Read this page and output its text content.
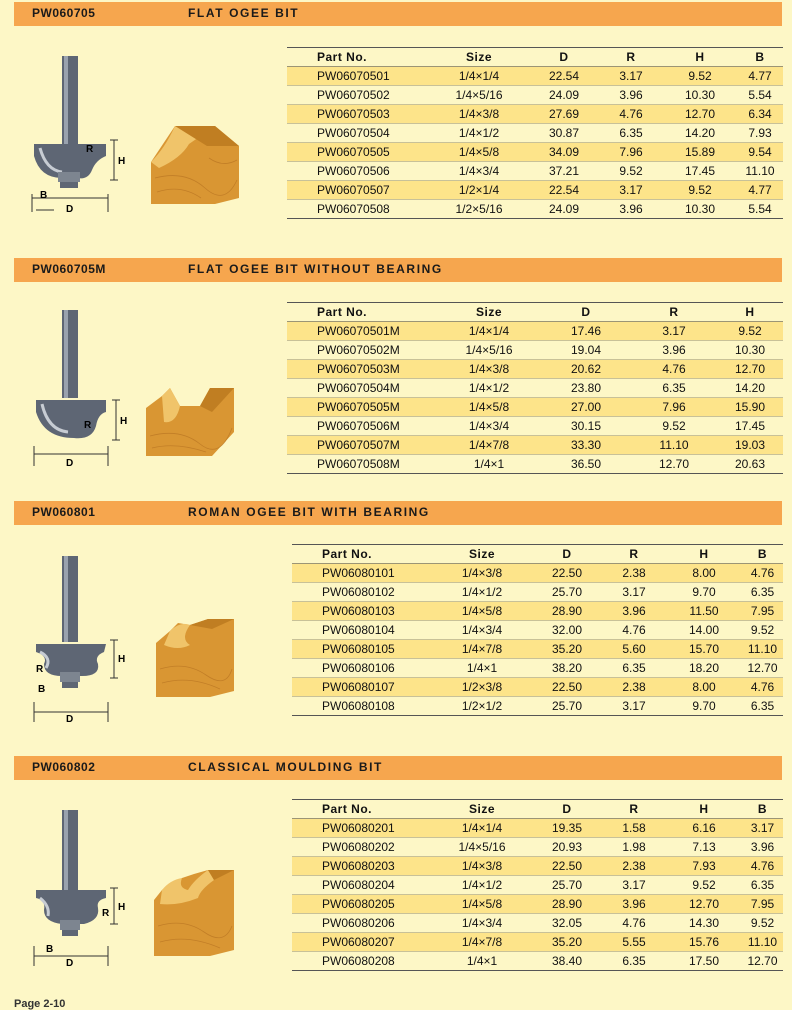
PW060705	FLAT OGEE BIT
H
R
B
D
Part No.	Size	D	R	H	B
PW06070501	1/4×1/4	22.54	3.17	9.52	4.77
PW06070502	1/4×5/16	24.09	3.96	10.30	5.54
PW06070503	1/4×3/8	27.69	4.76	12.70	6.34
PW06070504	1/4×1/2	30.87	6.35	14.20	7.93
PW06070505	1/4×5/8	34.09	7.96	15.89	9.54
PW06070506	1/4×3/4	37.21	9.52	17.45	11.10
PW06070507	1/2×1/4	22.54	3.17	9.52	4.77
PW06070508	1/2×5/16	24.09	3.96	10.30	5.54
PW060705M	FLAT OGEE BIT WITHOUT BEARING
H
R
D
Part No.	Size	D	R	H
PW06070501M	1/4×1/4	17.46	3.17	9.52
PW06070502M	1/4×5/16	19.04	3.96	10.30
PW06070503M	1/4×3/8	20.62	4.76	12.70
PW06070504M	1/4×1/2	23.80	6.35	14.20
PW06070505M	1/4×5/8	27.00	7.96	15.90
PW06070506M	1/4×3/4	30.15	9.52	17.45
PW06070507M	1/4×7/8	33.30	11.10	19.03
PW06070508M	1/4×1	36.50	12.70	20.63
PW060801	ROMAN OGEE BIT WITH BEARING
H
R
B
D
Part No.	Size	D	R	H	B
PW06080101	1/4×3/8	22.50	2.38	8.00	4.76
PW06080102	1/4×1/2	25.70	3.17	9.70	6.35
PW06080103	1/4×5/8	28.90	3.96	11.50	7.95
PW06080104	1/4×3/4	32.00	4.76	14.00	9.52
PW06080105	1/4×7/8	35.20	5.60	15.70	11.10
PW06080106	1/4×1	38.20	6.35	18.20	12.70
PW06080107	1/2×3/8	22.50	2.38	8.00	4.76
PW06080108	1/2×1/2	25.70	3.17	9.70	6.35
PW060802	CLASSICAL MOULDING BIT
H
R
B
D
Part No.	Size	D	R	H	B
PW06080201	1/4×1/4	19.35	1.58	6.16	3.17
PW06080202	1/4×5/16	20.93	1.98	7.13	3.96
PW06080203	1/4×3/8	22.50	2.38	7.93	4.76
PW06080204	1/4×1/2	25.70	3.17	9.52	6.35
PW06080205	1/4×5/8	28.90	3.96	12.70	7.95
PW06080206	1/4×3/4	32.05	4.76	14.30	9.52
PW06080207	1/4×7/8	35.20	5.55	15.76	11.10
PW06080208	1/4×1	38.40	6.35	17.50	12.70
Page 2-10
